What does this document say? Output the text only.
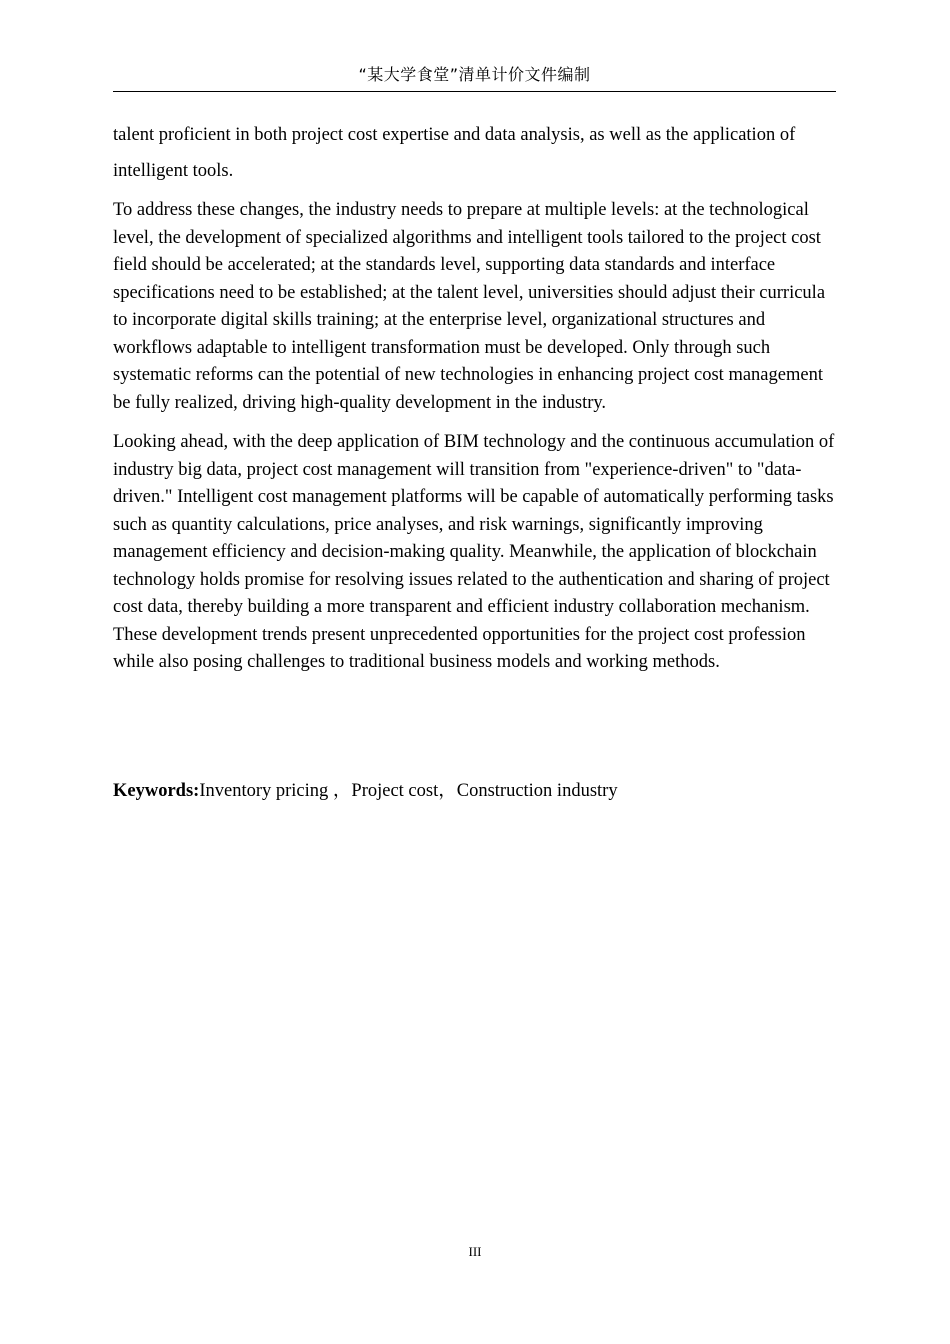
“某大学食堂”清单计价文件编制

talent proficient in both project cost expertise and data analysis, as well as the application of intelligent tools.

To address these changes, the industry needs to prepare at multiple levels: at the technological level, the development of specialized algorithms and intelligent tools tailored to the project cost field should be accelerated; at the standards level, supporting data standards and interface specifications need to be established; at the talent level, universities should adjust their curricula to incorporate digital skills training; at the enterprise level, organizational structures and workflows adaptable to intelligent transformation must be developed. Only through such systematic reforms can the potential of new technologies in enhancing project cost management be fully realized, driving high-quality development in the industry.

Looking ahead, with the deep application of BIM technology and the continuous accumulation of industry big data, project cost management will transition from "experience-driven" to "data-driven." Intelligent cost management platforms will be capable of automatically performing tasks such as quantity calculations, price analyses, and risk warnings, significantly improving management efficiency and decision-making quality. Meanwhile, the application of blockchain technology holds promise for resolving issues related to the authentication and sharing of project cost data, thereby building a more transparent and efficient industry collaboration mechanism. These development trends present unprecedented opportunities for the project cost profession while also posing challenges to traditional business models and working methods.

Keywords:Inventory pricing ，Project cost，Construction industry

III
